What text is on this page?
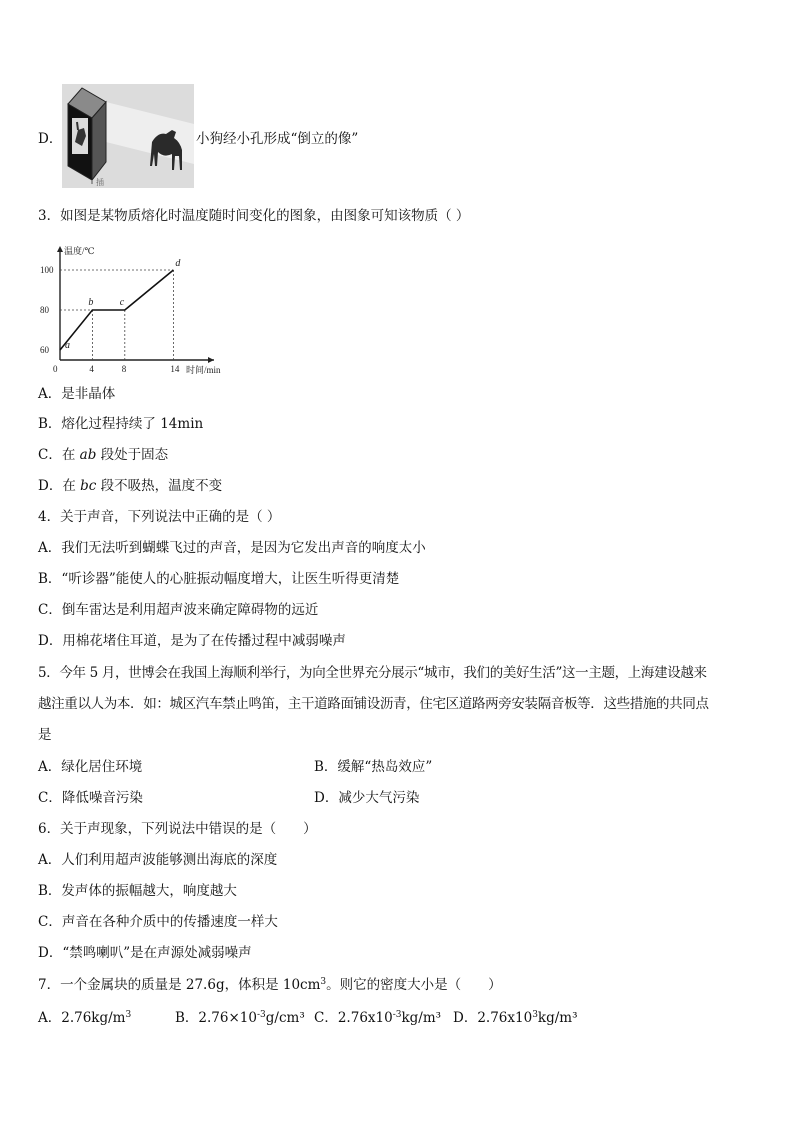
D．
插
小狗经小孔形成“倒立的像”
3．如图是某物质熔化时温度随时间变化的图象，由图象可知该物质（ ）
温度/℃
时间/min
60
80
100
0	4	8	14
a
b	c
d
A．是非晶体
B．熔化过程持续了 14min
C．在 ab 段处于固态
D．在 bc 段不吸热，温度不变
4．关于声音，下列说法中正确的是（ ）
A．我们无法听到蝴蝶飞过的声音，是因为它发出声音的响度太小
B．“听诊器”能使人的心脏振动幅度增大，让医生听得更清楚
C．倒车雷达是利用超声波来确定障碍物的远近
D．用棉花堵住耳道，是为了在传播过程中减弱噪声
5．今年 5 月，世博会在我国上海顺利举行，为向全世界充分展示“城市，我们的美好生活”这一主题，上海建设越来
越注重以人为本．如：城区汽车禁止鸣笛，主干道路面铺设沥青，住宅区道路两旁安装隔音板等．这些措施的共同点
是
A．绿化居住环境	B．缓解“热岛效应”
C．降低噪音污染	D．减少大气污染
6．关于声现象，下列说法中错误的是（　　）
A．人们利用超声波能够测出海底的深度
B．发声体的振幅越大，响度越大
C．声音在各种介质中的传播速度一样大
D．“禁鸣喇叭”是在声源处减弱噪声
7．一个金属块的质量是 27.6g，体积是 $10cm^3$。则它的密度大小是（　　）
A．$2.76kg/m^3$	B．$2.76\times 10^{-3}g$/cm³ C．$2.76x10^{-3}kg/m^3$ D．$2.76x10^3kg/m^3$
